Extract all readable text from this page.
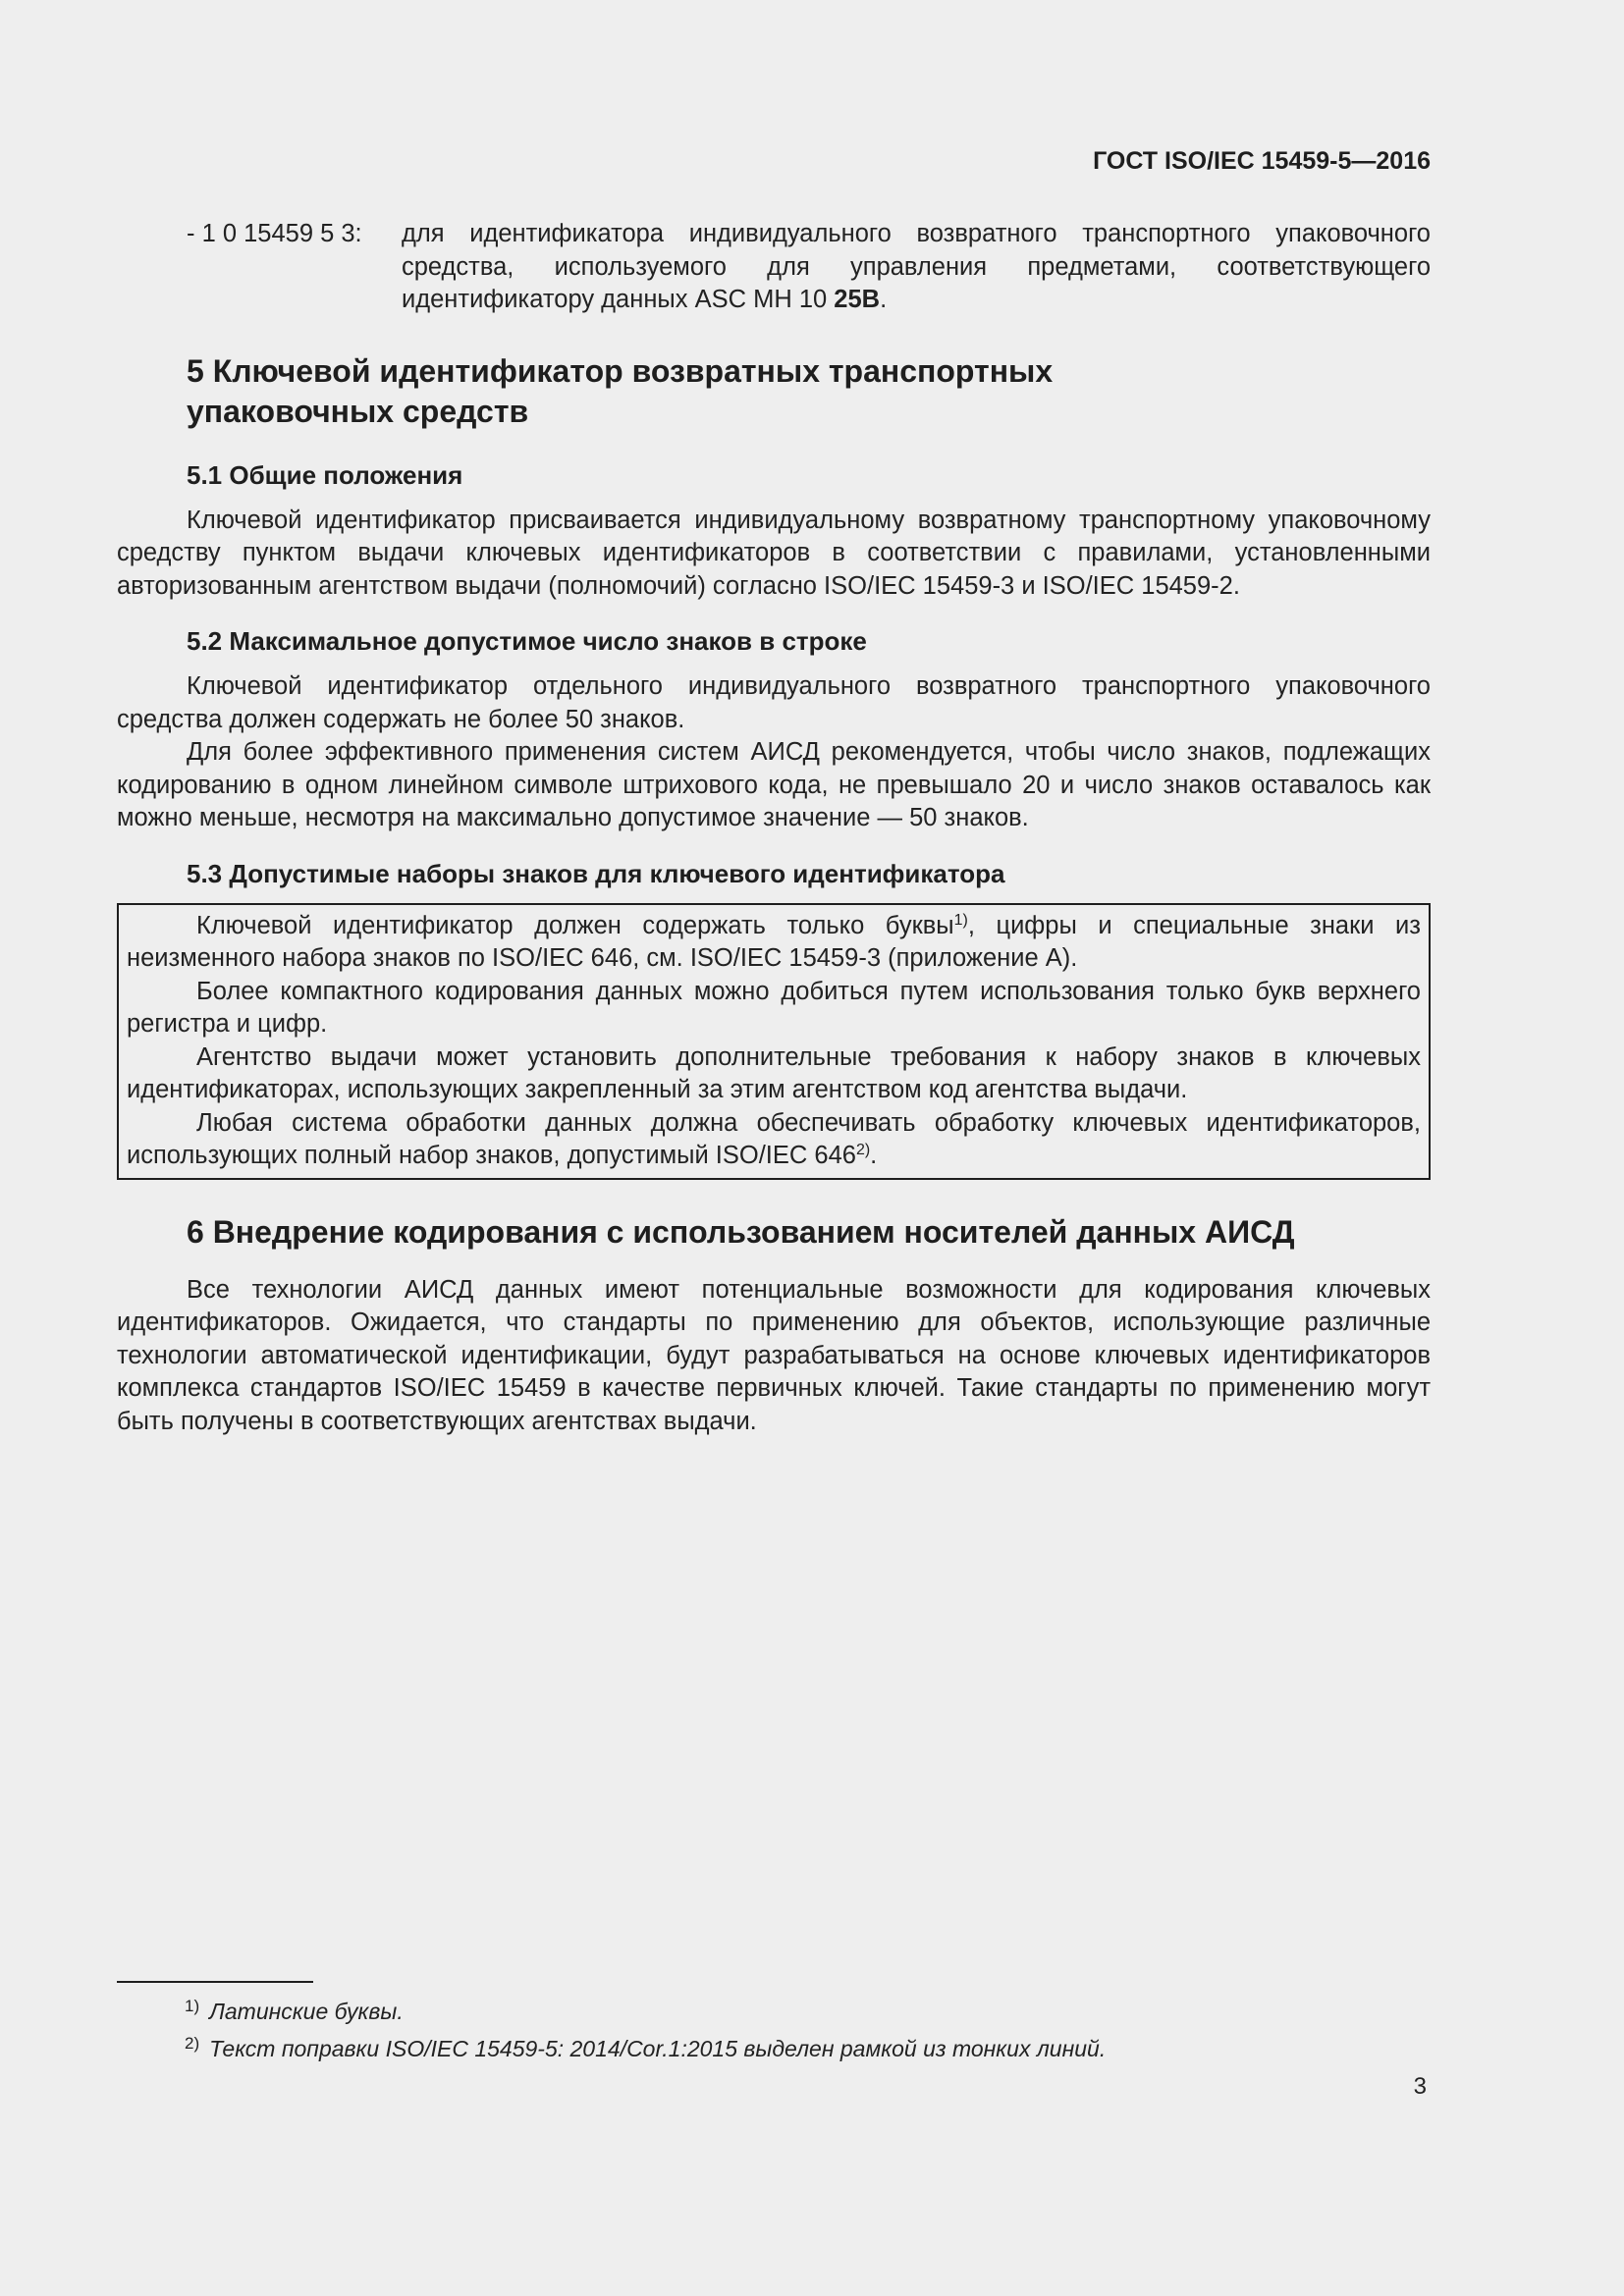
ГОСТ ISO/IEC 15459-5—2016
- 1 0 15459 5 3:	для идентификатора индивидуального возвратного транспортного упаковочного средства, используемого для управления предметами, соответствующего идентификатору данных ASC MH 10 25B.
5 Ключевой идентификатор возвратных транспортных
упаковочных средств
5.1 Общие положения

Ключевой идентификатор присваивается индивидуальному возвратному транспортному упаковочному средству пунктом выдачи ключевых идентификаторов в соответствии с правилами, установленными авторизованным агентством выдачи (полномочий) согласно ISO/IEC 15459-3 и ISO/IEC 15459-2.

5.2 Максимальное допустимое число знаков в строке

Ключевой идентификатор отдельного индивидуального возвратного транспортного упаковочного средства должен содержать не более 50 знаков.

Для более эффективного применения систем АИСД рекомендуется, чтобы число знаков, подлежащих кодированию в одном линейном символе штрихового кода, не превышало 20 и число знаков оставалось как можно меньше, несмотря на максимально допустимое значение — 50 знаков.

5.3 Допустимые наборы знаков для ключевого идентификатора

Ключевой идентификатор должен содержать только буквы$^{1)}$, цифры и специальные знаки из неизменного набора знаков по ISO/IEC 646, см. ISO/IEC 15459-3 (приложение А).

Более компактного кодирования данных можно добиться путем использования только букв верхнего регистра и цифр.

Агентство выдачи может установить дополнительные требования к набору знаков в ключевых идентификаторах, использующих закрепленный за этим агентством код агентства выдачи.

Любая система обработки данных должна обеспечивать обработку ключевых идентификаторов, использующих полный набор знаков, допустимый ISO/IEC 646$^{2)}$.

6 Внедрение кодирования с использованием носителей данных АИСД

Все технологии АИСД данных имеют потенциальные возможности для кодирования ключевых идентификаторов. Ожидается, что стандарты по применению для объектов, использующие различные технологии автоматической идентификации, будут разрабатываться на основе ключевых идентификаторов комплекса стандартов ISO/IEC 15459 в качестве первичных ключей. Такие стандарты по применению могут быть получены в соответствующих агентствах выдачи.

$^{1)}$ Латинские буквы.
$^{2)}$ Текст поправки ISO/IEC 15459-5: 2014/Cor.1:2015 выделен рамкой из тонких линий.
3
